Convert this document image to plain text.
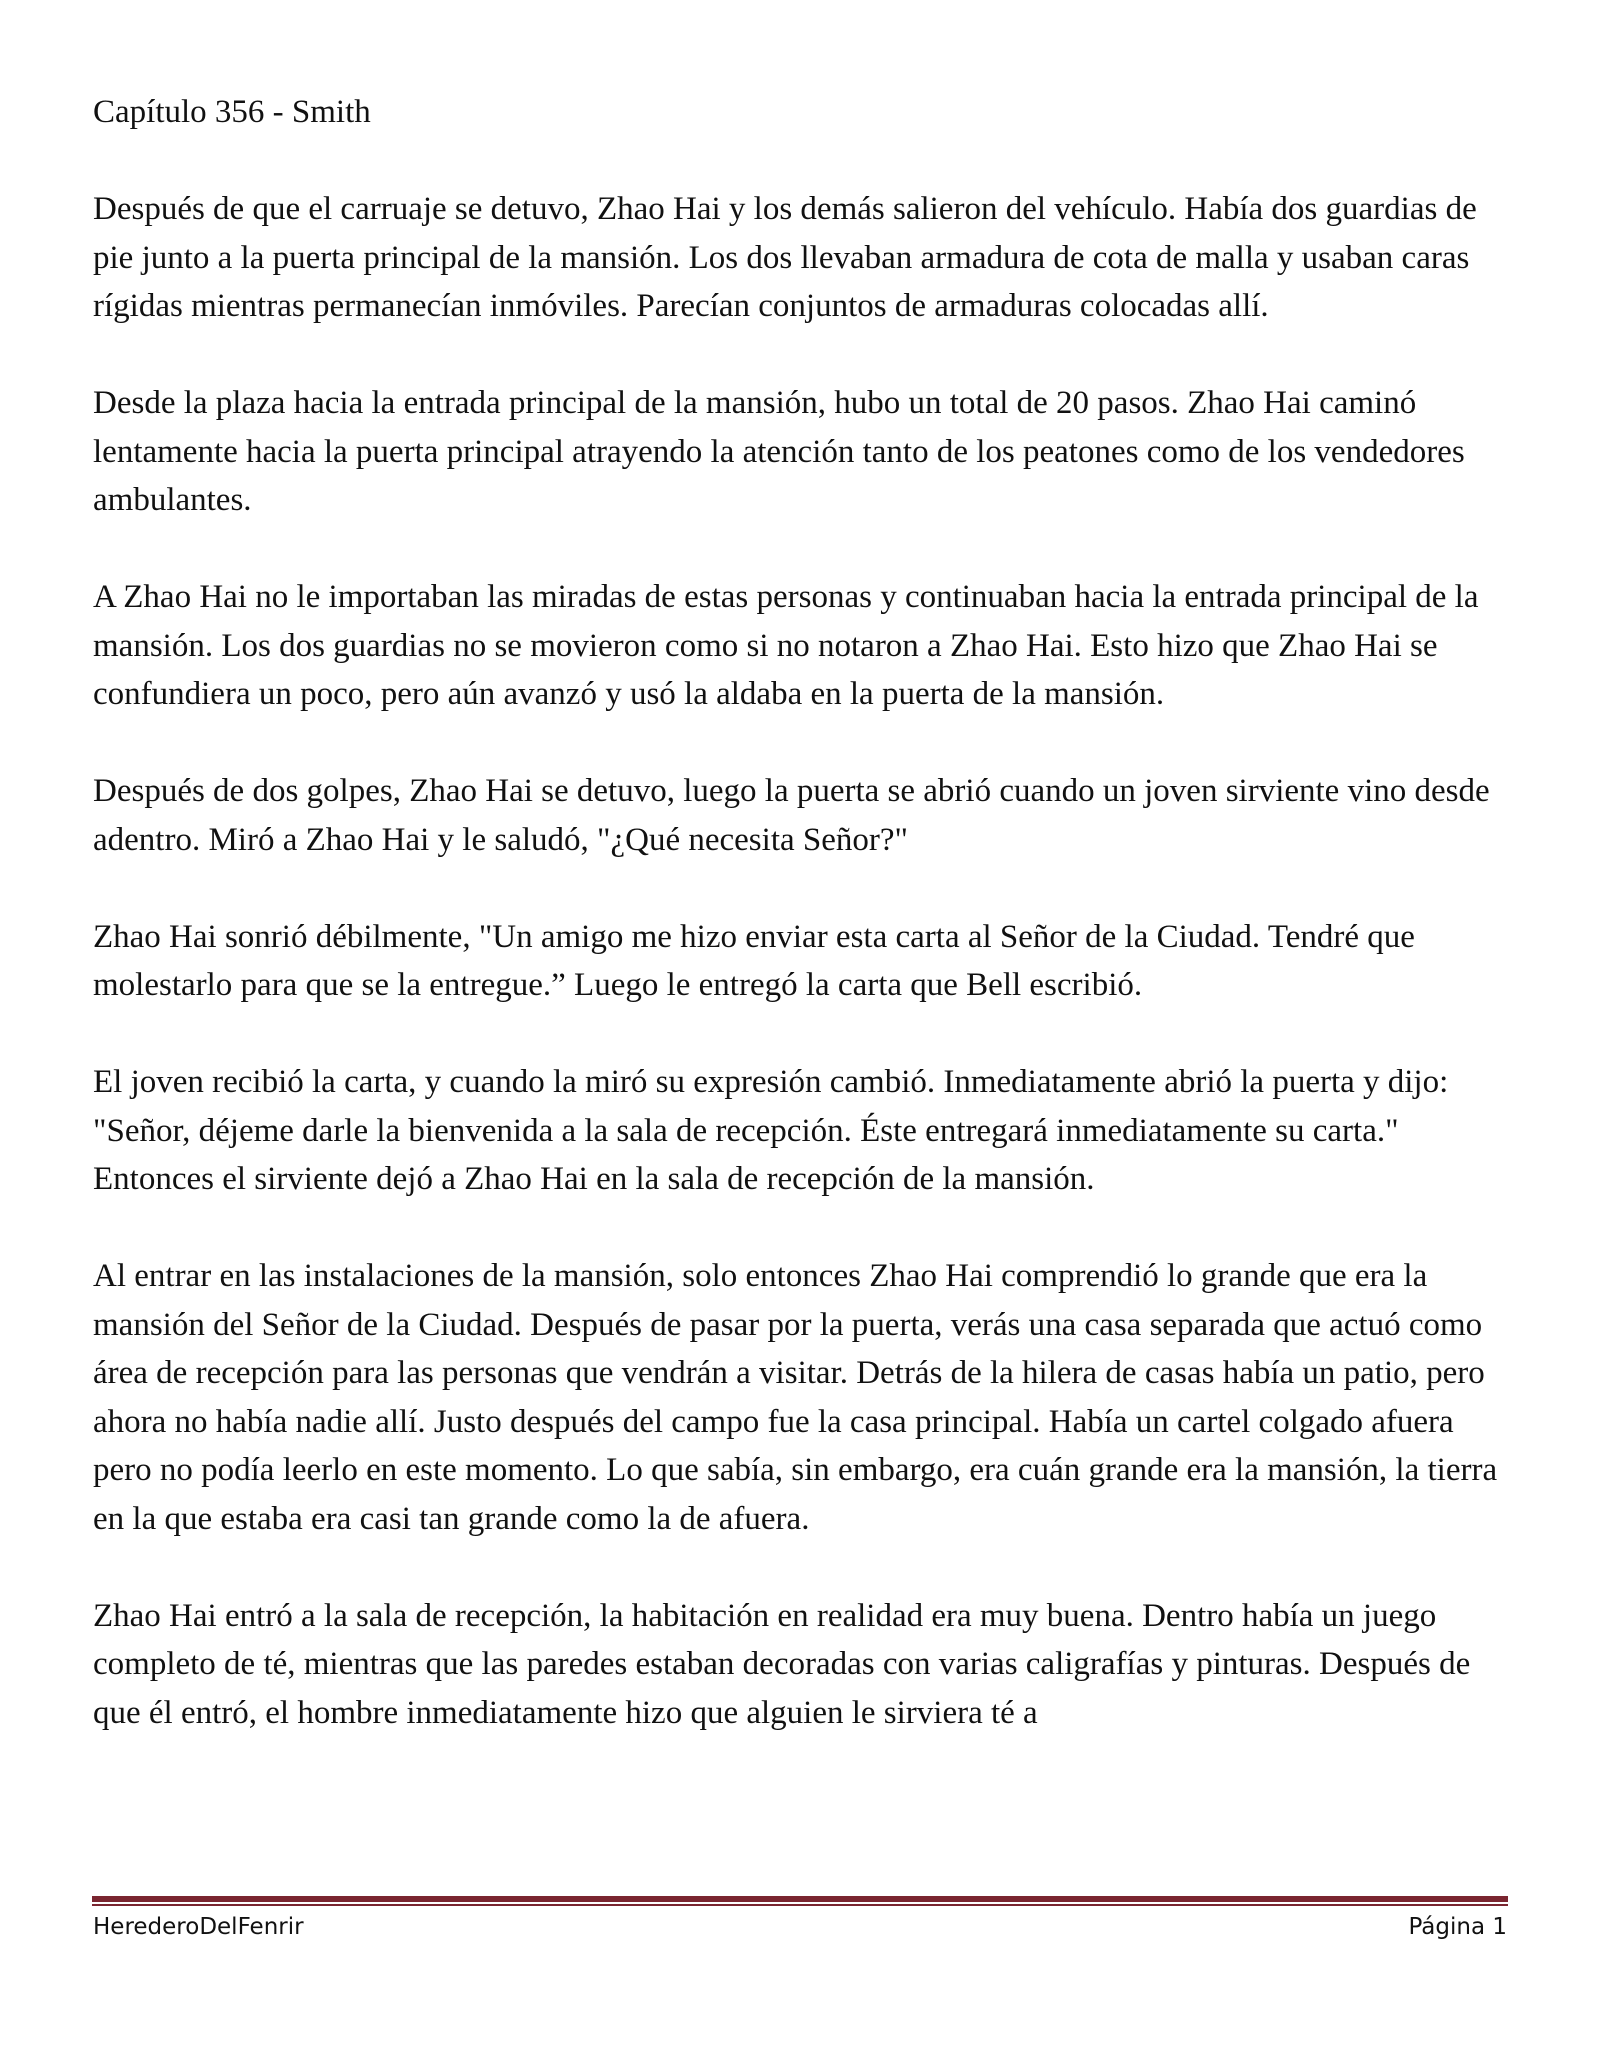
Capítulo 356 - Smith

Después de que el carruaje se detuvo, Zhao Hai y los demás salieron del vehículo. Había dos guardias de pie junto a la puerta principal de la mansión. Los dos llevaban armadura de cota de malla y usaban caras rígidas mientras permanecían inmóviles. Parecían conjuntos de armaduras colocadas allí.

Desde la plaza hacia la entrada principal de la mansión, hubo un total de 20 pasos. Zhao Hai caminó lentamente hacia la puerta principal atrayendo la atención tanto de los peatones como de los vendedores ambulantes.

A Zhao Hai no le importaban las miradas de estas personas y continuaban hacia la entrada principal de la mansión. Los dos guardias no se movieron como si no notaron a Zhao Hai. Esto hizo que Zhao Hai se confundiera un poco, pero aún avanzó y usó la aldaba en la puerta de la mansión.

Después de dos golpes, Zhao Hai se detuvo, luego la puerta se abrió cuando un joven sirviente vino desde adentro. Miró a Zhao Hai y le saludó, "¿Qué necesita Señor?"

Zhao Hai sonrió débilmente, "Un amigo me hizo enviar esta carta al Señor de la Ciudad. Tendré que molestarlo para que se la entregue.” Luego le entregó la carta que Bell escribió.

El joven recibió la carta, y cuando la miró su expresión cambió. Inmediatamente abrió la puerta y dijo: "Señor, déjeme darle la bienvenida a la sala de recepción. Éste entregará inmediatamente su carta." Entonces el sirviente dejó a Zhao Hai en la sala de recepción de la mansión.

Al entrar en las instalaciones de la mansión, solo entonces Zhao Hai comprendió lo grande que era la mansión del Señor de la Ciudad. Después de pasar por la puerta, verás una casa separada que actuó como área de recepción para las personas que vendrán a visitar. Detrás de la hilera de casas había un patio, pero ahora no había nadie allí. Justo después del campo fue la casa principal. Había un cartel colgado afuera pero no podía leerlo en este momento. Lo que sabía, sin embargo, era cuán grande era la mansión, la tierra en la que estaba era casi tan grande como la de afuera.

Zhao Hai entró a la sala de recepción, la habitación en realidad era muy buena. Dentro había un juego completo de té, mientras que las paredes estaban decoradas con varias caligrafías y pinturas. Después de que él entró, el hombre inmediatamente hizo que alguien le sirviera té a

HerederoDelFenrir	Página 1
